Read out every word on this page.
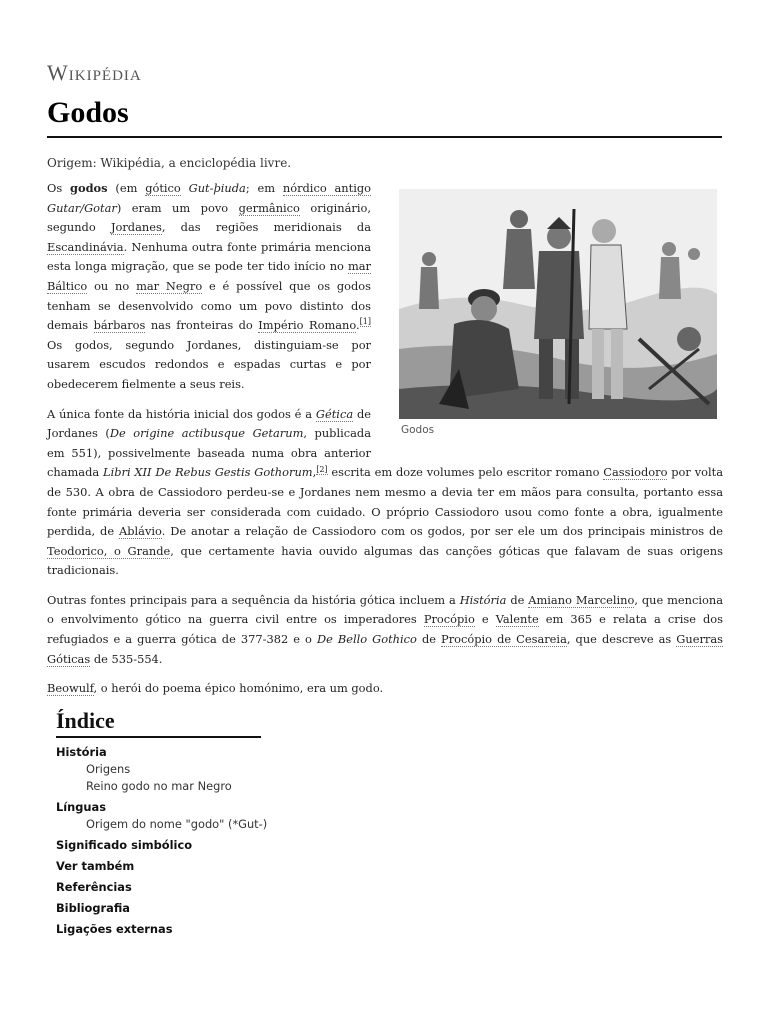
Wikipédia
Godos
Origem: Wikipédia, a enciclopédia livre.
Godos

Os godos (em gótico Gut-þiuda; em nórdico antigo Gutar/Gotar) eram um povo germânico originário, segundo Jordanes, das regiões meridionais da Escandinávia. Nenhuma outra fonte primária menciona esta longa migração, que se pode ter tido início no mar Báltico ou no mar Negro e é possível que os godos tenham se desenvolvido como um povo distinto dos demais bárbaros nas fronteiras do Império Romano.[1] Os godos, segundo Jordanes, distinguiam-se por usarem escudos redondos e espadas curtas e por obedecerem fielmente a seus reis.

A única fonte da história inicial dos godos é a Gética de Jordanes (De origine actibusque Getarum, publicada em 551), possivelmente baseada numa obra anterior chamada Libri XII De Rebus Gestis Gothorum,[2] escrita em doze volumes pelo escritor romano Cassiodoro por volta de 530. A obra de Cassiodoro perdeu-se e Jordanes nem mesmo a devia ter em mãos para consulta, portanto essa fonte primária deveria ser considerada com cuidado. O próprio Cassiodoro usou como fonte a obra, igualmente perdida, de Ablávio. De anotar a relação de Cassiodoro com os godos, por ser ele um dos principais ministros de Teodorico, o Grande, que certamente havia ouvido algumas das canções góticas que falavam de suas origens tradicionais.

Outras fontes principais para a sequência da história gótica incluem a História de Amiano Marcelino, que menciona o envolvimento gótico na guerra civil entre os imperadores Procópio e Valente em 365 e relata a crise dos refugiados e a guerra gótica de 377-382 e o De Bello Gothico de Procópio de Cesareia, que descreve as Guerras Góticas de 535-554.

Beowulf, o herói do poema épico homónimo, era um godo.

Índice
História
Origens
Reino godo no mar Negro
Línguas
Origem do nome "godo" (*Gut-)
Significado simbólico
Ver também
Referências
Bibliografia
Ligações externas
